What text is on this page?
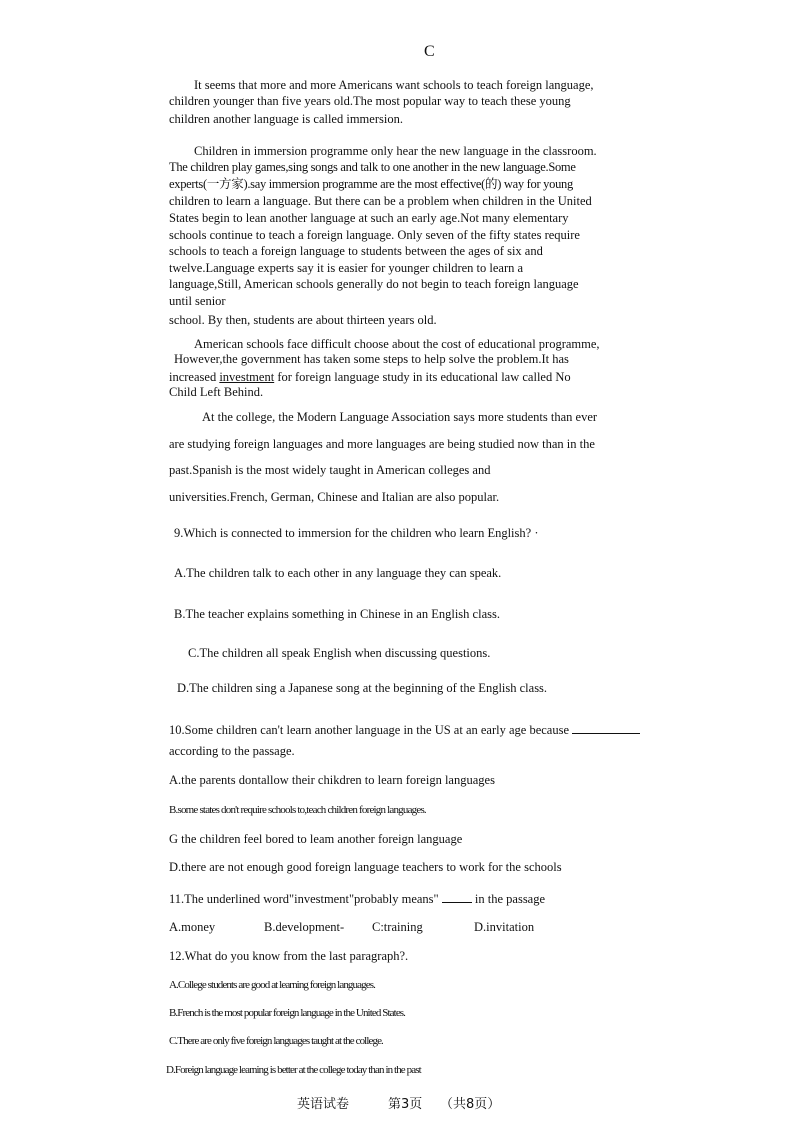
C
It seems that more and more Americans want schools to teach foreign language,
children younger than five years old.The most popular way to teach these young
children another language is called immersion.
Children in immersion programme only hear the new language in the classroom.
The children play games,sing songs and talk to one another in the new language.Some
experts(一方家).say immersion programme are the most effective(的) way for young
children to learn a language. But there can be a problem when children in the United
States begin to lean another language at such an early age.Not many elementary
schools continue to teach a foreign language. Only seven of the fifty states require
schools to teach a foreign language to students between the ages of six and
twelve.Language experts say it is easier for younger children to learn a
language,Still, American schools generally do not begin to teach foreign language
until senior
school. By then, students are about thirteen years old.
American schools face difficult choose about the cost of educational programme,
However,the government has taken some steps to help solve the problem.It has
increased investment for foreign language study in its educational law called No
Child Left Behind.
At the college, the Modern Language Association says more students than ever
are studying foreign languages and more languages are being studied now than in the
past.Spanish is the most widely taught in American colleges and
universities.French, German, Chinese and Italian are also popular.
9.Which is connected to immersion for the children who learn English? ·
A.The children talk to each other in any language they can speak.
B.The teacher explains something in Chinese in an English class.
C.The children all speak English when discussing questions.
D.The children sing a Japanese song at the beginning of the English class.
10.Some children can't learn another language in the US at an early age because
according to the passage.
A.the parents dontallow their chikdren to learn foreign languages
B.some states don't require schools to,teach children foreign languages.
G the children feel bored to leam another foreign language
D.there are not enough good foreign language teachers to work for the schools
11.The underlined word"investment"probably means"	in the passage
A.money	B.development- C:training	D.invitation
12.What do you know from the last paragraph?.
A.College students are good at learning foreign languages.
B.French is the most popular foreign language in the United States.
C.There are only five foreign languages taught at the college.
D.Foreign language learning is better at the college today than in the past
英语试卷	第3页 （共8页）
